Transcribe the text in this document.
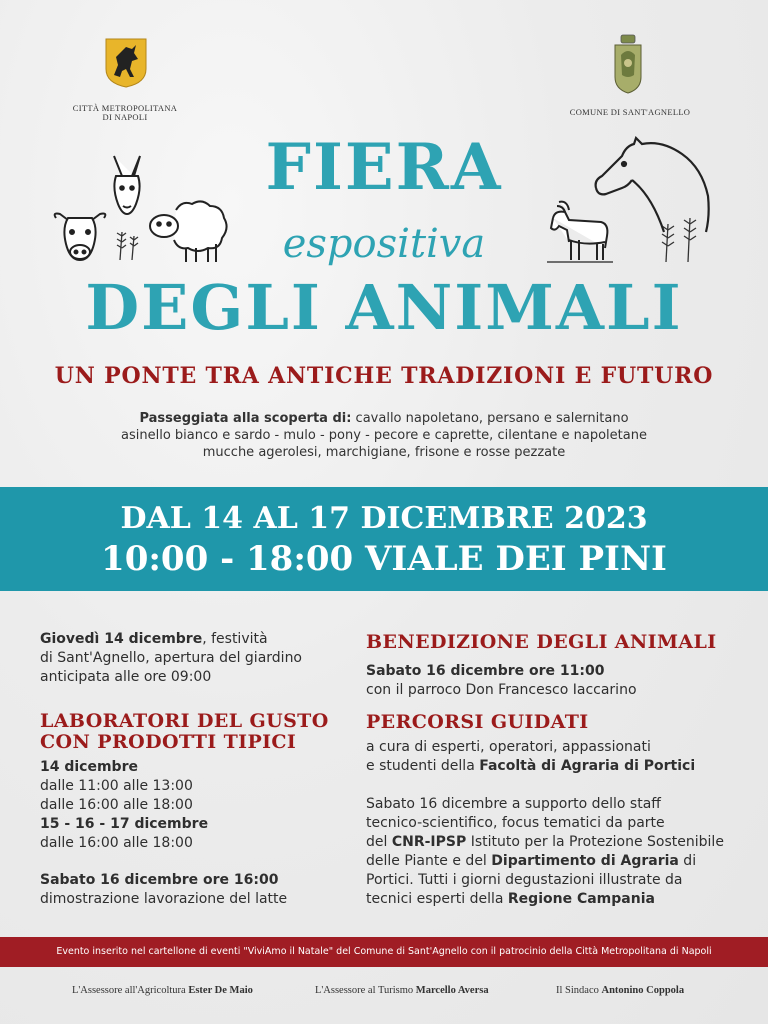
CITTÀ METROPOLITANA
DI NAPOLI
COMUNE DI SANT'AGNELLO
FIERA
espositiva
DEGLI ANIMALI
UN PONTE TRA ANTICHE TRADIZIONI E FUTURO
Passeggiata alla scoperta di: cavallo napoletano, persano e salernitano
asinello bianco e sardo - mulo - pony - pecore e caprette, cilentane e napoletane
mucche agerolesi, marchigiane, frisone e rosse pezzate
DAL 14 AL 17 DICEMBRE 2023
10:00 - 18:00 VIALE DEI PINI
Giovedì 14 dicembre, festività
di Sant'Agnello, apertura del giardino
anticipata alle ore 09:00
LABORATORI DEL GUSTO
CON PRODOTTI TIPICI
14 dicembre
dalle 11:00 alle 13:00
dalle 16:00 alle 18:00
15 - 16 - 17 dicembre
dalle 16:00 alle 18:00
Sabato 16 dicembre ore 16:00
dimostrazione lavorazione del latte
BENEDIZIONE DEGLI ANIMALI
Sabato 16 dicembre ore 11:00
con il parroco Don Francesco Iaccarino
PERCORSI GUIDATI
a cura di esperti, operatori, appassionati
e studenti della Facoltà di Agraria di Portici
Sabato 16 dicembre a supporto dello staff
tecnico-scientifico, focus tematici da parte
del CNR-IPSP Istituto per la Protezione Sostenibile
delle Piante e del Dipartimento di Agraria di
Portici. Tutti i giorni degustazioni illustrate da
tecnici esperti della Regione Campania
Evento inserito nel cartellone di eventi "ViviAmo il Natale" del Comune di Sant'Agnello con il patrocinio della Città Metropolitana di Napoli
L'Assessore all'Agricoltura Ester De Maio	L'Assessore al Turismo Marcello Aversa	Il Sindaco Antonino Coppola
